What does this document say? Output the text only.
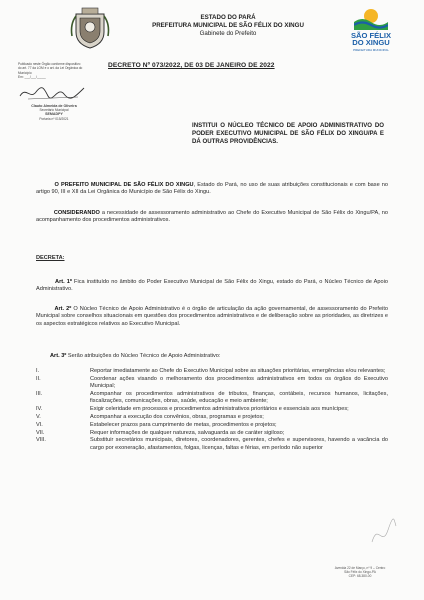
ESTADO DO PARÁ
PREFEITURA MUNICIPAL DE SÃO FÉLIX DO XINGU
Gabinete do Prefeito	SÃO FÉLIX
DO XINGU
PREFEITURA MUNICIPAL
Publicado neste Órgão conforme dispositivo
do art. 77 da LOM e o art. da Lei Orgânica do
Município
Em: ___/___/_____
Clauto Almeida de Oliveira
Secretário Municipal
SEMADPY
Portaria nº 015/2021
DECRETO Nº 073/2022, DE 03 DE JANEIRO DE 2022
INSTITUI O NÚCLEO TÉCNICO DE APOIO ADMINISTRATIVO DO PODER EXECUTIVO MUNICIPAL DE SÃO FÉLIX DO XINGU/PA E DÁ OUTRAS PROVIDÊNCIAS.
O PREFEITO MUNICIPAL DE SÃO FÉLIX DO XINGU, Estado do Pará, no uso de suas atribuições constitucionais e com base no artigo 90, III e XII da Lei Orgânica do Município de São Félix do Xingu.
CONSIDERANDO a necessidade de assessoramento administrativo ao Chefe do Executivo Municipal de São Félix do Xingu/PA, no acompanhamento dos procedimentos administrativos.
DECRETA:
Art. 1º Fica instituído no âmbito do Poder Executivo Municipal de São Félix do Xingu, estado do Pará, o Núcleo Técnico de Apoio Administrativo.
Art. 2º O Núcleo Técnico de Apoio Administrativo é o órgão de articulação da ação governamental, de assessoramento do Prefeito Municipal sobre conselhos situacionais em questões dos procedimentos administrativos e de deliberação sobre as prioridades, as diretrizes e os aspectos estratégicos relativos ao Executivo Municipal.
Art. 3º Serão atribuições do Núcleo Técnico de Apoio Administrativo:
I.	Reportar imediatamente ao Chefe do Executivo Municipal sobre as situações prioritárias, emergências e/ou relevantes;
II.	Coordenar ações visando o melhoramento dos procedimentos administrativos em todos os órgãos do Executivo Municipal;
III.	Acompanhar os procedimentos administrativos de tributos, finanças, contábeis, recursos humanos, licitações, fiscalizações, comunicações, obras, saúde, educação e meio ambiente;
IV.	Exigir celeridade em processos e procedimentos administrativos prioritários e essenciais aos munícipes;
V.	Acompanhar a execução dos convênios, obras, programas e projetos;
VI.	Estabelecer prazos para cumprimento de metas, procedimentos e projetos;
VII.	Requer informações de qualquer natureza, salvaguarda as de caráter sigiloso;
VIII.	Substituir secretários municipais, diretores, coordenadores, gerentes, chefes e supervisores, havendo a vacância do cargo por exoneração, afastamentos, folgas, licenças, faltas e férias, em período não superior
Avenida 22 de Março, nº 9 – Centro
São Félix do Xingu-PA
CEP: 68.380-00
